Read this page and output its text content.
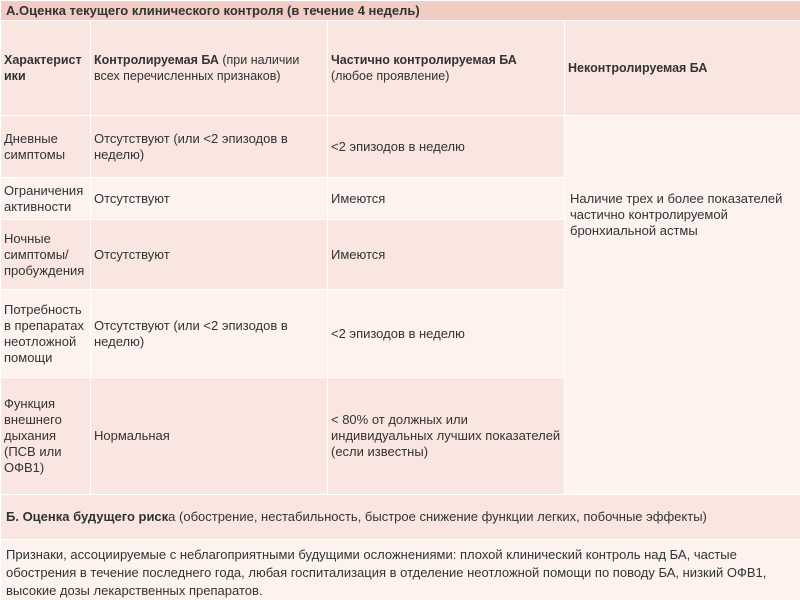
А.Оценка текущего клинического контроля (в течение 4 недель)			
Характеристики	Контролируемая БА (при наличии всех перечисленных признаков)	Частично контролируемая БА (любое проявление)	Неконтролируемая БА
Дневные симптомы	Отсутствуют (или <2 эпизодов в неделю)	<2 эпизодов в неделю	Наличие трех и более показателей частично контролируемой бронхиальной астмы
Ограничения активности	Отсутствуют	Имеются	
Ночные симптомы/ пробуждения	Отсутствуют	Имеются	
Потребность в препаратах неотложной помощи	Отсутствуют (или <2 эпизодов в неделю)	<2 эпизодов в неделю	
Функция внешнего дыхания (ПСВ или ОФВ1)	Нормальная	< 80% от должных или индивидуальных лучших показателей (если известны)	
Б. Оценка будущего риска (обострение, нестабильность, быстрое снижение функции легких, побочные эффекты)			
Признаки, ассоциируемые с неблагоприятными будущими осложнениями: плохой клинический контроль над БА, частые обострения в течение последнего года, любая госпитализация в отделение неотложной помощи по поводу БА, низкий ОФВ1, высокие дозы лекарственных препаратов.			
